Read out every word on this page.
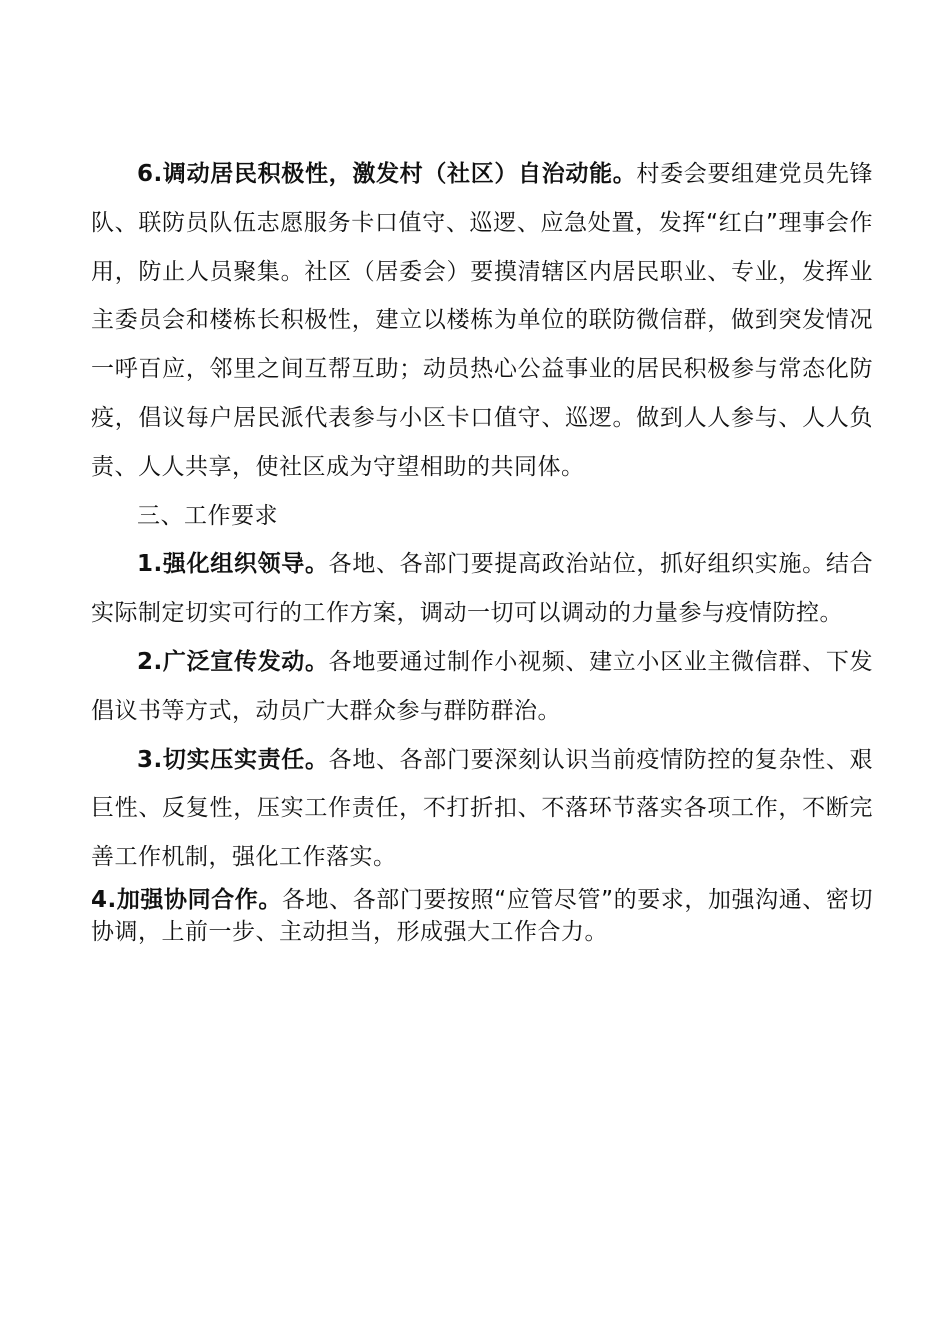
6.调动居民积极性，激发村（社区）自治动能。村委会要组建党员先锋队、联防员队伍志愿服务卡口值守、巡逻、应急处置，发挥“红白”理事会作用，防止人员聚集。社区（居委会）要摸清辖区内居民职业、专业，发挥业主委员会和楼栋长积极性，建立以楼栋为单位的联防微信群，做到突发情况一呼百应，邻里之间互帮互助；动员热心公益事业的居民积极参与常态化防疫，倡议每户居民派代表参与小区卡口值守、巡逻。做到人人参与、人人负责、人人共享，使社区成为守望相助的共同体。

三、工作要求

1.强化组织领导。各地、各部门要提高政治站位，抓好组织实施。结合实际制定切实可行的工作方案，调动一切可以调动的力量参与疫情防控。

2.广泛宣传发动。各地要通过制作小视频、建立小区业主微信群、下发倡议书等方式，动员广大群众参与群防群治。

3.切实压实责任。各地、各部门要深刻认识当前疫情防控的复杂性、艰巨性、反复性，压实工作责任，不打折扣、不落环节落实各项工作，不断完善工作机制，强化工作落实。

4.加强协同合作。各地、各部门要按照“应管尽管”的要求，加强沟通、密切协调，上前一步、主动担当，形成强大工作合力。
